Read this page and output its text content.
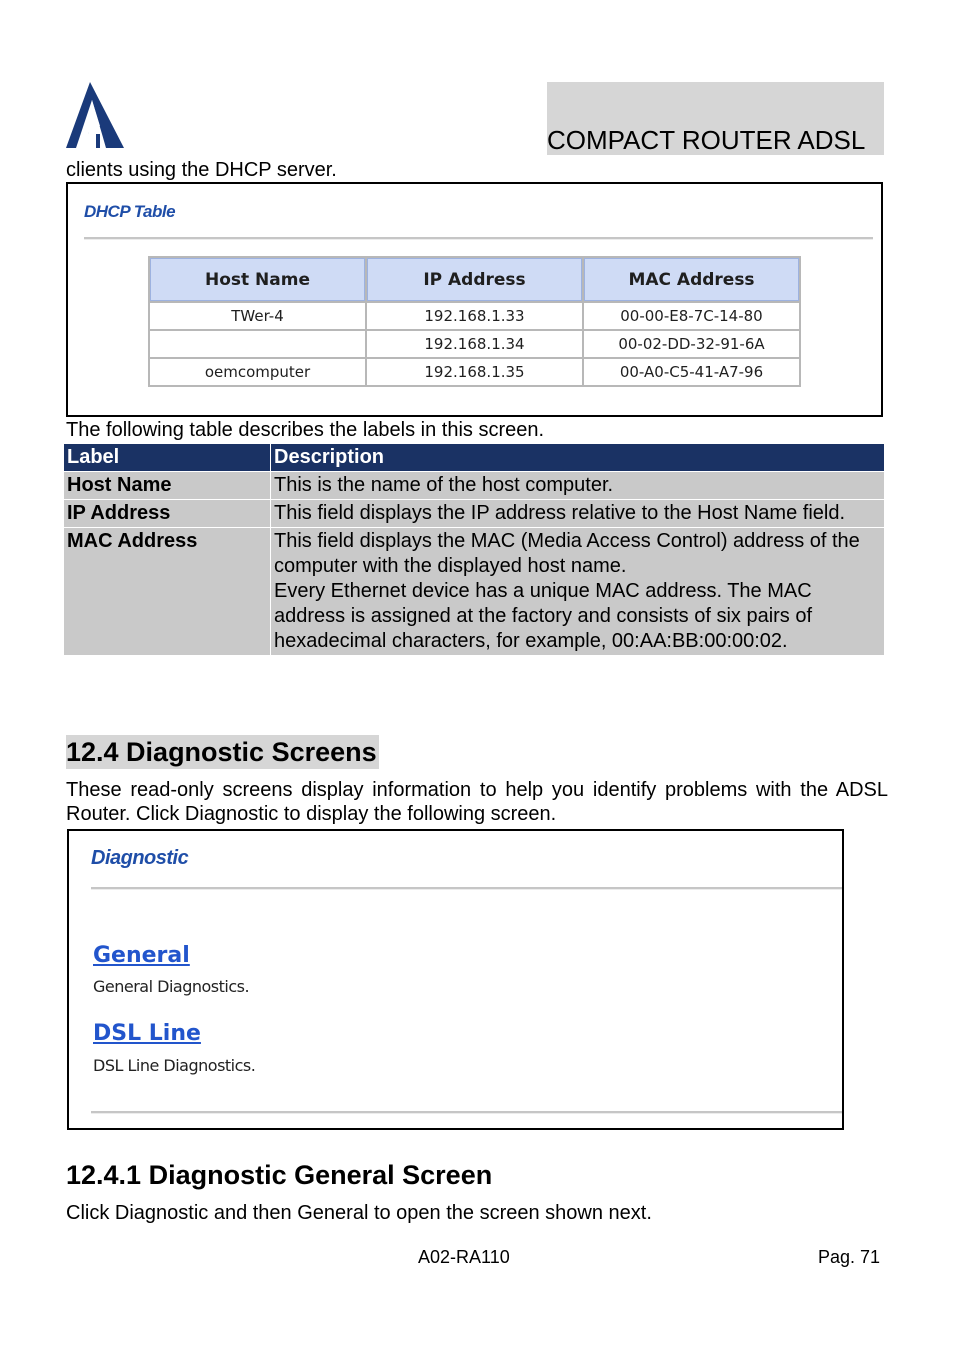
COMPACT ROUTER ADSL
clients using the DHCP server.
DHCP Table
Host Name	IP Address	MAC Address
TWer-4	192.168.1.33	00-00-E8-7C-14-80
	192.168.1.34	00-02-DD-32-91-6A
oemcomputer	192.168.1.35	00-A0-C5-41-A7-96
The following table describes the labels in this screen.
Label	Description
Host Name	This is the name of the host computer.

IP Address	This field displays the IP address relative to the Host Name field.

MAC Address	This field displays the MAC (Media Access Control) address of the computer with the displayed host name.
Every Ethernet device has a unique MAC address. The MAC address is assigned at the factory and consists of six pairs of hexadecimal characters, for example, 00:AA:BB:00:00:02.
12.4 Diagnostic Screens
These read-only screens display information to help you identify problems with the ADSL Router. Click Diagnostic to display the following screen.
Diagnostic
General
General Diagnostics.
DSL Line
DSL Line Diagnostics.
12.4.1 Diagnostic General Screen
Click Diagnostic and then General to open the screen shown next.
A02-RA110	Pag. 71
